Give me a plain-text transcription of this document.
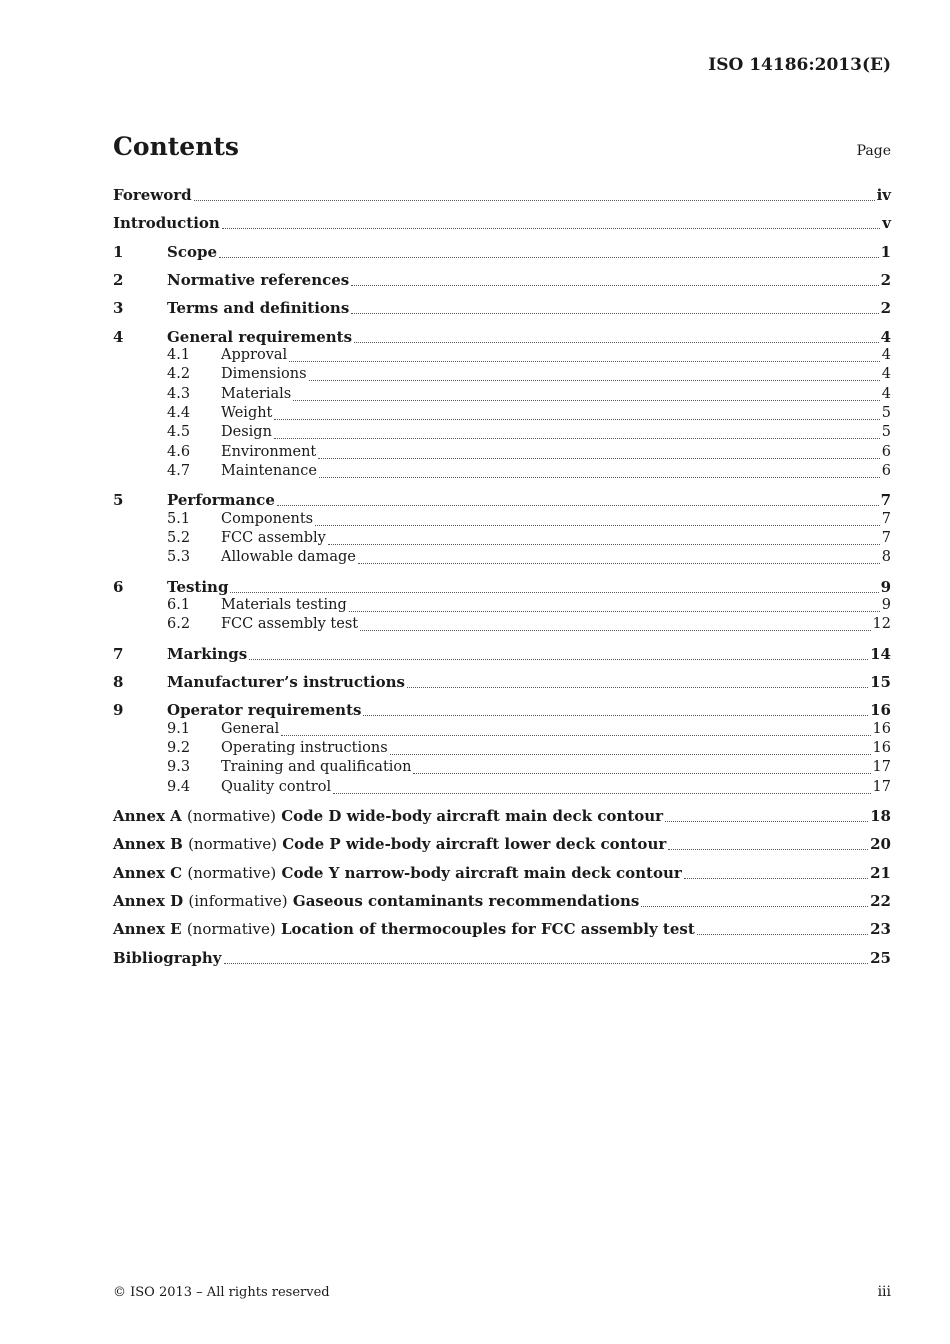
ISO 14186:2013(E)
Contents	Page
Foreword	iv
Introduction	v
1	Scope	1
2	Normative references	2
3	Terms and definitions	2
4	General requirements	4
4.1	Approval	4
4.2	Dimensions	4
4.3	Materials	4
4.4	Weight	5
4.5	Design	5
4.6	Environment	6
4.7	Maintenance	6
5	Performance	7
5.1	Components	7
5.2	FCC assembly	7
5.3	Allowable damage	8
6	Testing	9
6.1	Materials testing	9
6.2	FCC assembly test	12
7	Markings	14
8	Manufacturer’s instructions	15
9	Operator requirements	16
9.1	General	16
9.2	Operating instructions	16
9.3	Training and qualification	17
9.4	Quality control	17
Annex A (normative) Code D wide-body aircraft main deck contour	18
Annex B (normative) Code P wide-body aircraft lower deck contour	20
Annex C (normative) Code Y narrow-body aircraft main deck contour	21
Annex D (informative) Gaseous contaminants recommendations	22
Annex E (normative) Location of thermocouples for FCC assembly test	23
Bibliography	25
© ISO 2013 – All rights reserved	iii
